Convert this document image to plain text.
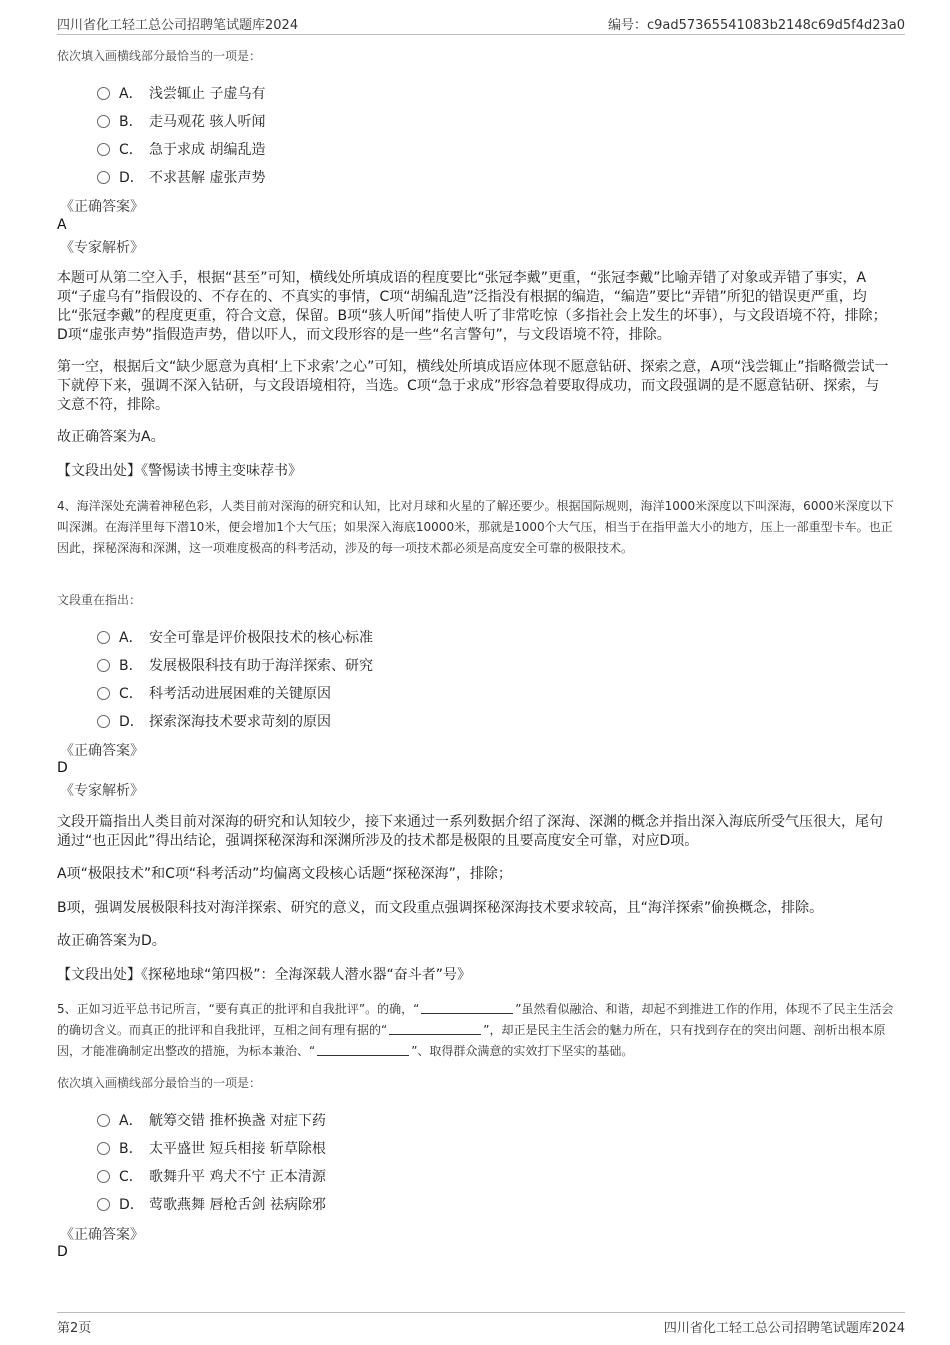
四川省化工轻工总公司招聘笔试题库2024	编号：c9ad57365541083b2148c69d5f4d23a0
依次填入画横线部分最恰当的一项是：
A． 浅尝辄止 子虚乌有
B． 走马观花 骇人听闻
C． 急于求成 胡编乱造
D． 不求甚解 虚张声势
《正确答案》
A
《专家解析》
本题可从第二空入手，根据“甚至”可知，横线处所填成语的程度要比“张冠李戴”更重，“张冠李戴”比喻弄错了对象或弄错了事实，A项“子虚乌有”指假设的、不存在的、不真实的事情，C项“胡编乱造”泛指没有根据的编造，“编造”要比“弄错”所犯的错误更严重，均比“张冠李戴”的程度更重，符合文意，保留。B项“骇人听闻”指使人听了非常吃惊（多指社会上发生的坏事），与文段语境不符，排除；D项“虚张声势”指假造声势，借以吓人，而文段形容的是一些“名言警句”，与文段语境不符，排除。
第一空，根据后文“缺少愿意为真相‘上下求索’之心”可知，横线处所填成语应体现不愿意钻研、探索之意，A项“浅尝辄止”指略微尝试一下就停下来，强调不深入钻研，与文段语境相符，当选。C项“急于求成”形容急着要取得成功，而文段强调的是不愿意钻研、探索，与文意不符，排除。
故正确答案为A。
【文段出处】《警惕读书博主变味荐书》
4、海洋深处充满着神秘色彩，人类目前对深海的研究和认知，比对月球和火星的了解还要少。根据国际规则，海洋1000米深度以下叫深海，6000米深度以下叫深渊。在海洋里每下潜10米，便会增加1个大气压；如果深入海底10000米，那就是1000个大气压，相当于在指甲盖大小的地方，压上一部重型卡车。也正因此，探秘深海和深渊，这一项难度极高的科考活动，涉及的每一项技术都必须是高度安全可靠的极限技术。
文段重在指出：
A． 安全可靠是评价极限技术的核心标准
B． 发展极限科技有助于海洋探索、研究
C． 科考活动进展困难的关键原因
D． 探索深海技术要求苛刻的原因
《正确答案》
D
《专家解析》
文段开篇指出人类目前对深海的研究和认知较少，接下来通过一系列数据介绍了深海、深渊的概念并指出深入海底所受气压很大，尾句通过“也正因此”得出结论，强调探秘深海和深渊所涉及的技术都是极限的且要高度安全可靠，对应D项。
A项“极限技术”和C项“科考活动”均偏离文段核心话题“探秘深海”，排除；
B项，强调发展极限科技对海洋探索、研究的意义，而文段重点强调探秘深海技术要求较高，且“海洋探索”偷换概念，排除。
故正确答案为D。
【文段出处】《探秘地球“第四极”：全海深载人潜水器“奋斗者”号》
5、正如习近平总书记所言，“要有真正的批评和自我批评”。的确，“	”虽然看似融洽、和谐，却起不到推进工作的作用，体现不了民主生活会的确切含义。而真正的批评和自我批评，互相之间有理有据的“	”，却正是民主生活会的魅力所在，只有找到存在的突出问题、剖析出根本原因，才能准确制定出整改的措施，为标本兼治、“	”、取得群众满意的实效打下坚实的基础。
依次填入画横线部分最恰当的一项是：
A． 觥筹交错 推杯换盏 对症下药
B． 太平盛世 短兵相接 斩草除根
C． 歌舞升平 鸡犬不宁 正本清源
D． 莺歌燕舞 唇枪舌剑 祛病除邪
《正确答案》
D
第2页	四川省化工轻工总公司招聘笔试题库2024
